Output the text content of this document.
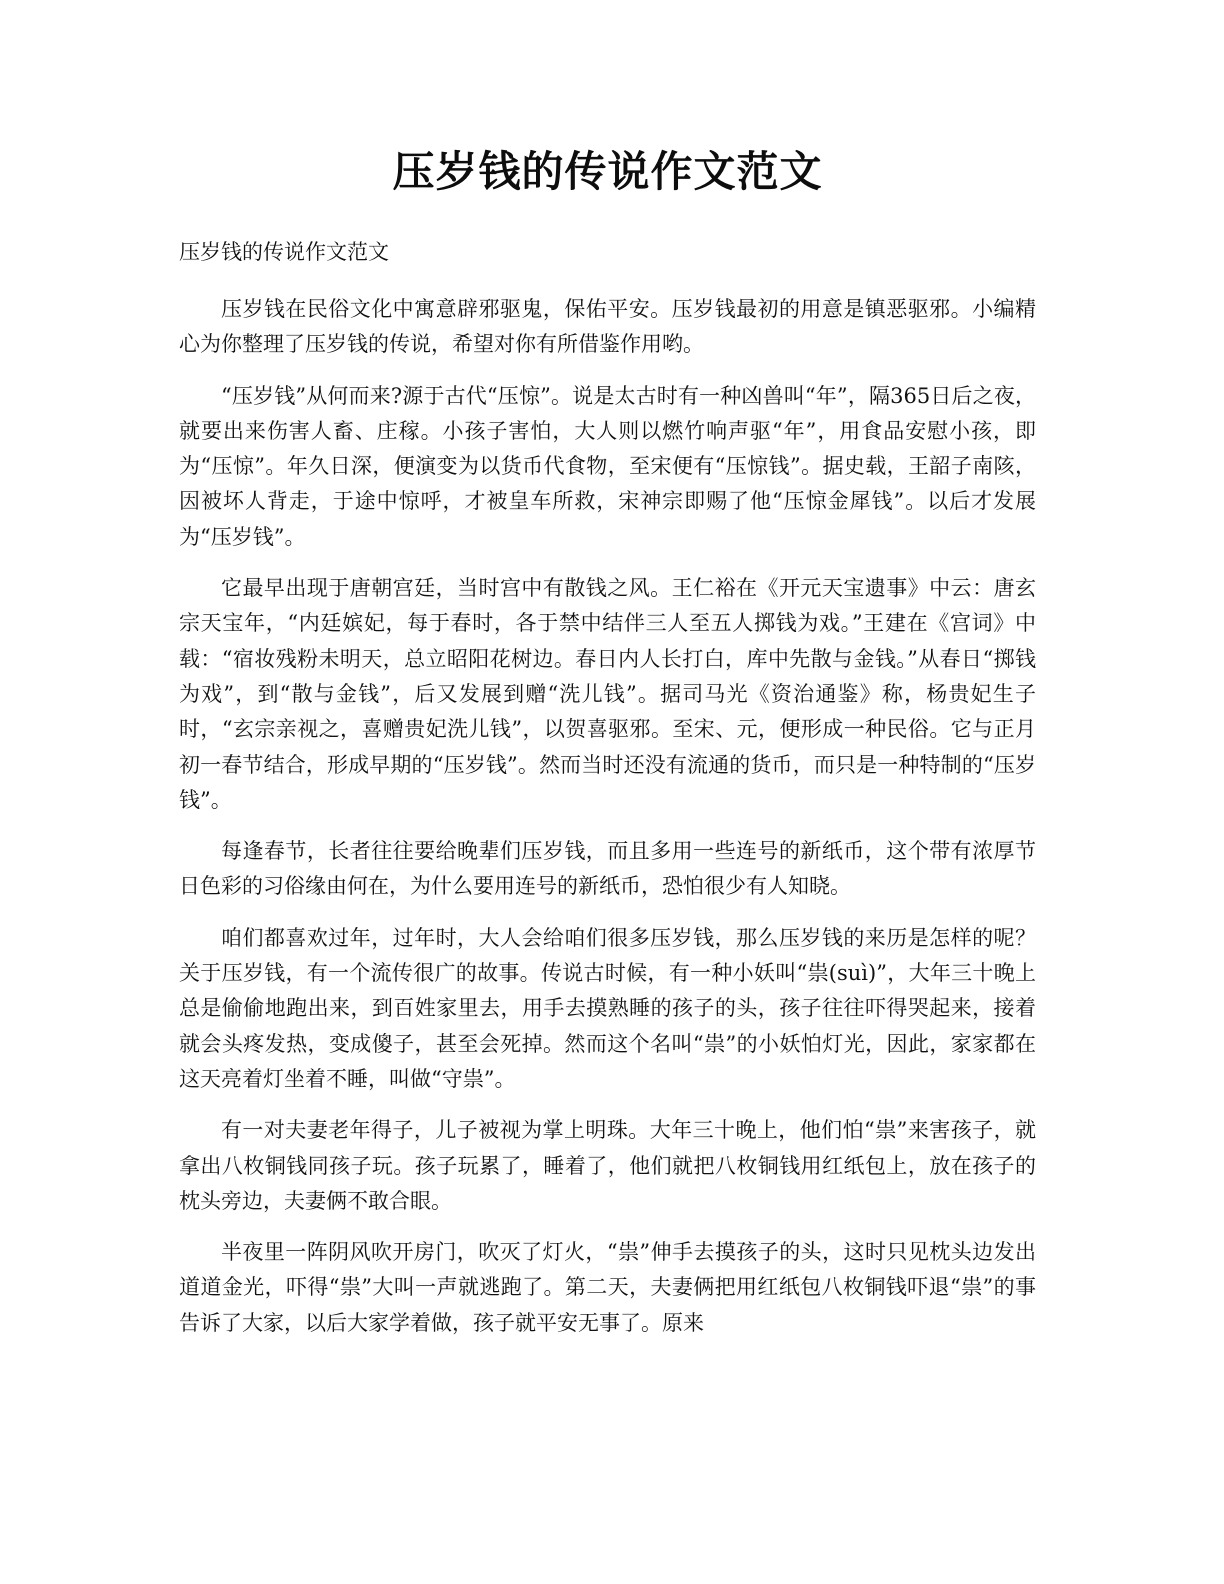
压岁钱的传说作文范文
压岁钱的传说作文范文

压岁钱在民俗文化中寓意辟邪驱鬼，保佑平安。压岁钱最初的用意是镇恶驱邪。小编精心为你整理了压岁钱的传说，希望对你有所借鉴作用哟。

“压岁钱”从何而来?源于古代“压惊”。说是太古时有一种凶兽叫“年”，隔365日后之夜，就要出来伤害人畜、庄稼。小孩子害怕，大人则以燃竹响声驱“年”，用食品安慰小孩，即为“压惊”。年久日深，便演变为以货币代食物，至宋便有“压惊钱”。据史载，王韶子南陔，因被坏人背走，于途中惊呼，才被皇车所救，宋神宗即赐了他“压惊金犀钱”。以后才发展为“压岁钱”。

它最早出现于唐朝宫廷，当时宫中有散钱之风。王仁裕在《开元天宝遗事》中云：唐玄宗天宝年，“内廷嫔妃，每于春时，各于禁中结伴三人至五人掷钱为戏。”王建在《宫词》中载：“宿妆残粉未明天，总立昭阳花树边。春日内人长打白，库中先散与金钱。”从春日“掷钱为戏”，到“散与金钱”，后又发展到赠“洗儿钱”。据司马光《资治通鉴》称，杨贵妃生子时，“玄宗亲视之，喜赠贵妃洗儿钱”，以贺喜驱邪。至宋、元，便形成一种民俗。它与正月初一春节结合，形成早期的“压岁钱”。然而当时还没有流通的货币，而只是一种特制的“压岁钱”。

每逢春节，长者往往要给晚辈们压岁钱，而且多用一些连号的新纸币，这个带有浓厚节日色彩的习俗缘由何在，为什么要用连号的新纸币，恐怕很少有人知晓。

咱们都喜欢过年，过年时，大人会给咱们很多压岁钱，那么压岁钱的来历是怎样的呢？关于压岁钱，有一个流传很广的故事。传说古时候，有一种小妖叫“祟(suì)”，大年三十晚上总是偷偷地跑出来，到百姓家里去，用手去摸熟睡的孩子的头，孩子往往吓得哭起来，接着就会头疼发热，变成傻子，甚至会死掉。然而这个名叫“祟”的小妖怕灯光，因此，家家都在这天亮着灯坐着不睡，叫做“守祟”。

有一对夫妻老年得子，儿子被视为掌上明珠。大年三十晚上，他们怕“祟”来害孩子，就拿出八枚铜钱同孩子玩。孩子玩累了，睡着了，他们就把八枚铜钱用红纸包上，放在孩子的枕头旁边，夫妻俩不敢合眼。

半夜里一阵阴风吹开房门，吹灭了灯火，“祟”伸手去摸孩子的头，这时只见枕头边发出道道金光，吓得“祟”大叫一声就逃跑了。第二天，夫妻俩把用红纸包八枚铜钱吓退“祟”的事告诉了大家，以后大家学着做，孩子就平安无事了。原来
